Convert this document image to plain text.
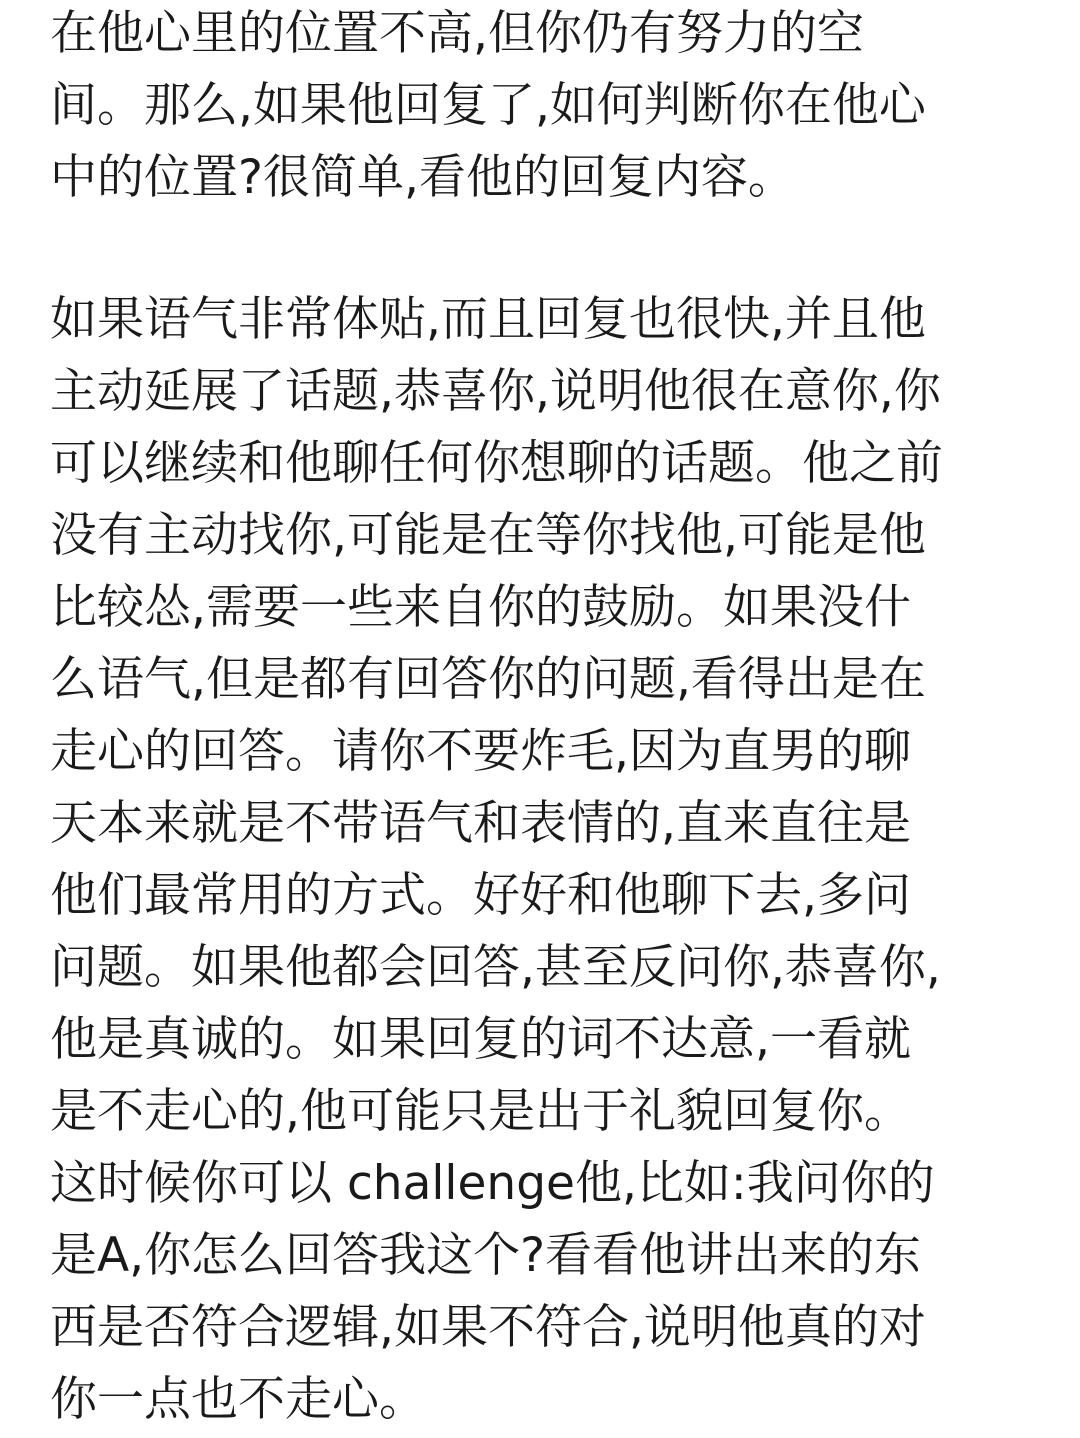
在他心里的位置不高,但你仍有努力的空
间。那么,如果他回复了,如何判断你在他心
中的位置?很简单,看他的回复内容。
如果语气非常体贴,而且回复也很快,并且他
主动延展了话题,恭喜你,说明他很在意你,你
可以继续和他聊任何你想聊的话题。他之前
没有主动找你,可能是在等你找他,可能是他
比较怂,需要一些来自你的鼓励。如果没什
么语气,但是都有回答你的问题,看得出是在
走心的回答。请你不要炸毛,因为直男的聊
天本来就是不带语气和表情的,直来直往是
他们最常用的方式。好好和他聊下去,多问
问题。如果他都会回答,甚至反问你,恭喜你,
他是真诚的。如果回复的词不达意,一看就
是不走心的,他可能只是出于礼貌回复你。
这时候你可以 challenge他,比如:我问你的
是A,你怎么回答我这个?看看他讲出来的东
西是否符合逻辑,如果不符合,说明他真的对
你一点也不走心。
